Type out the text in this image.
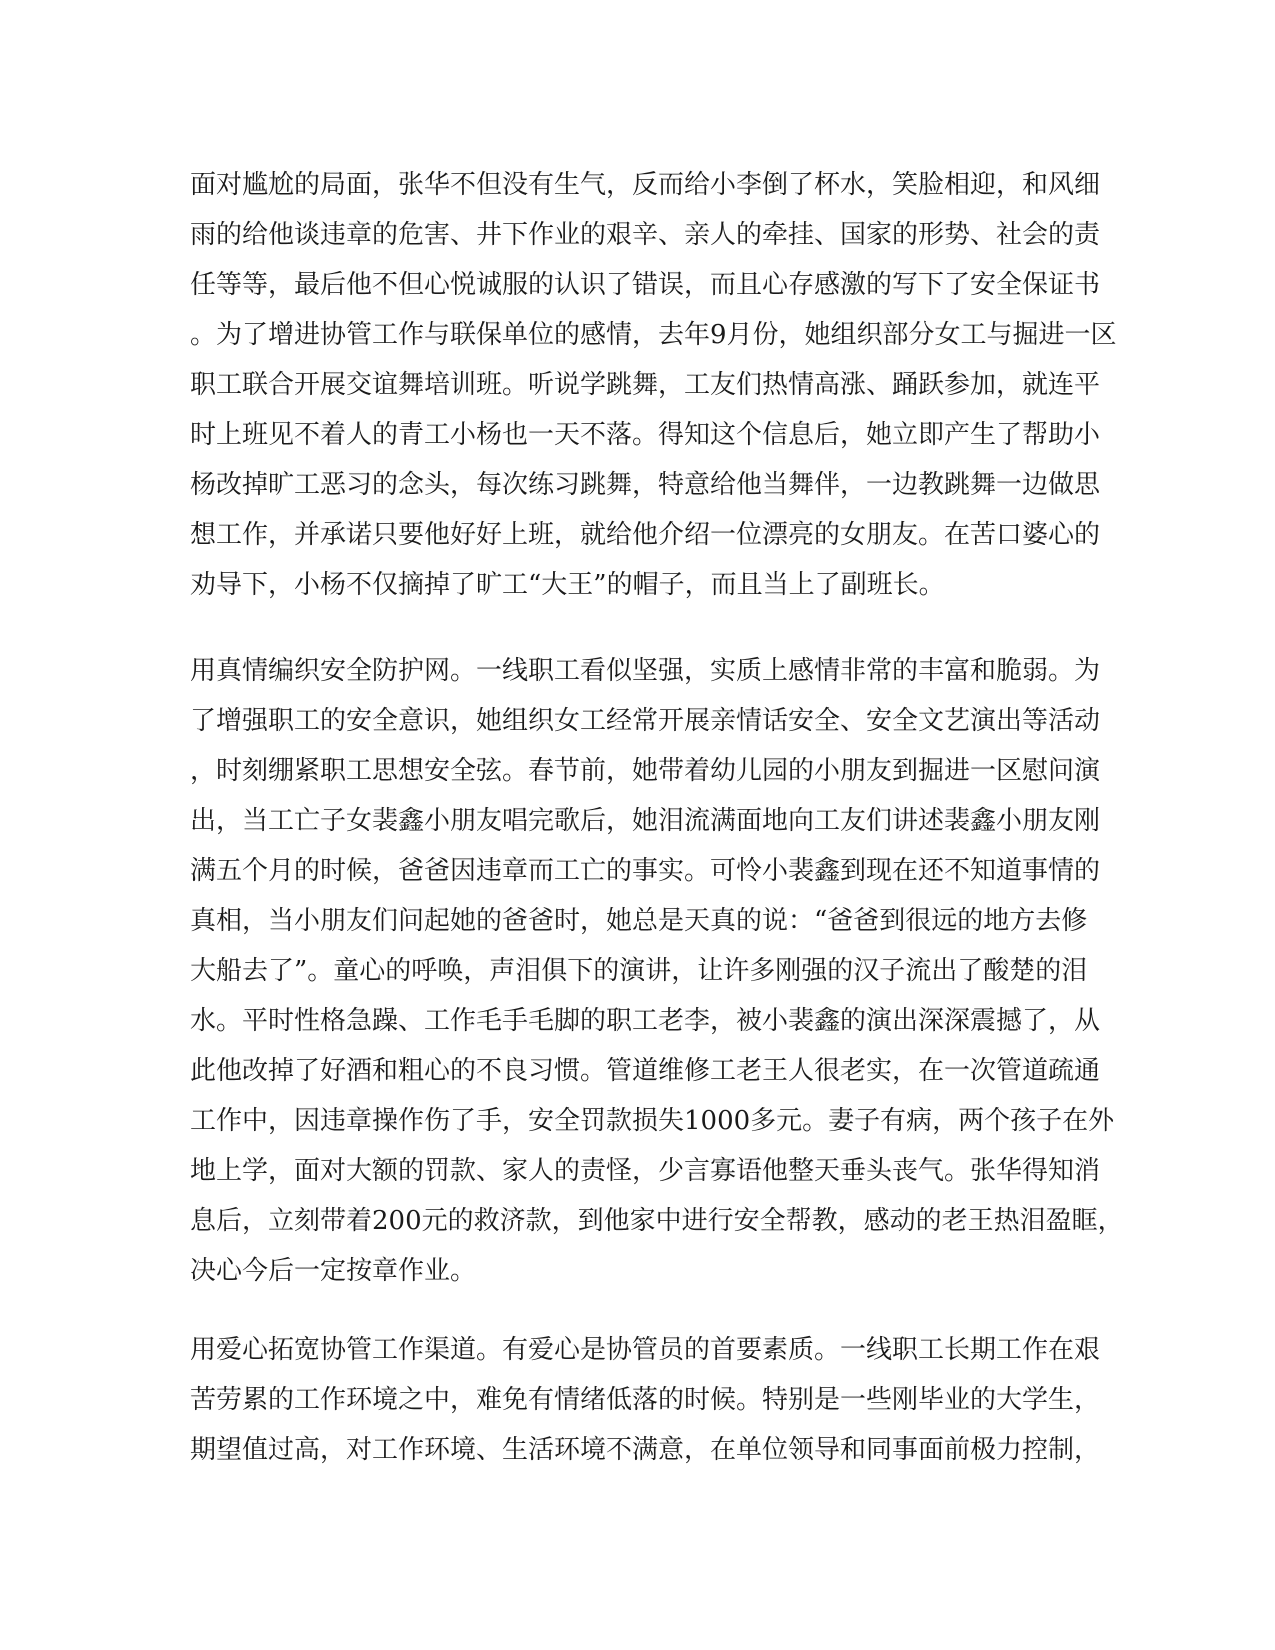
面对尴尬的局面，张华不但没有生气，反而给小李倒了杯水，笑脸相迎，和风细
雨的给他谈违章的危害、井下作业的艰辛、亲人的牵挂、国家的形势、社会的责
任等等，最后他不但心悦诚服的认识了错误，而且心存感激的写下了安全保证书
。为了增进协管工作与联保单位的感情，去年9月份，她组织部分女工与掘进一区
职工联合开展交谊舞培训班。听说学跳舞，工友们热情高涨、踊跃参加，就连平
时上班见不着人的青工小杨也一天不落。得知这个信息后，她立即产生了帮助小
杨改掉旷工恶习的念头，每次练习跳舞，特意给他当舞伴，一边教跳舞一边做思
想工作，并承诺只要他好好上班，就给他介绍一位漂亮的女朋友。在苦口婆心的
劝导下，小杨不仅摘掉了旷工“大王”的帽子，而且当上了副班长。
用真情编织安全防护网。一线职工看似坚强，实质上感情非常的丰富和脆弱。为
了增强职工的安全意识，她组织女工经常开展亲情话安全、安全文艺演出等活动
，时刻绷紧职工思想安全弦。春节前，她带着幼儿园的小朋友到掘进一区慰问演
出，当工亡子女裴鑫小朋友唱完歌后，她泪流满面地向工友们讲述裴鑫小朋友刚
满五个月的时候，爸爸因违章而工亡的事实。可怜小裴鑫到现在还不知道事情的
真相，当小朋友们问起她的爸爸时，她总是天真的说：“爸爸到很远的地方去修
大船去了”。童心的呼唤，声泪俱下的演讲，让许多刚强的汉子流出了酸楚的泪
水。平时性格急躁、工作毛手毛脚的职工老李，被小裴鑫的演出深深震撼了，从
此他改掉了好酒和粗心的不良习惯。管道维修工老王人很老实，在一次管道疏通
工作中，因违章操作伤了手，安全罚款损失1000多元。妻子有病，两个孩子在外
地上学，面对大额的罚款、家人的责怪，少言寡语他整天垂头丧气。张华得知消
息后，立刻带着200元的救济款，到他家中进行安全帮教，感动的老王热泪盈眶，
决心今后一定按章作业。
用爱心拓宽协管工作渠道。有爱心是协管员的首要素质。一线职工长期工作在艰
苦劳累的工作环境之中，难免有情绪低落的时候。特别是一些刚毕业的大学生，
期望值过高，对工作环境、生活环境不满意，在单位领导和同事面前极力控制，
